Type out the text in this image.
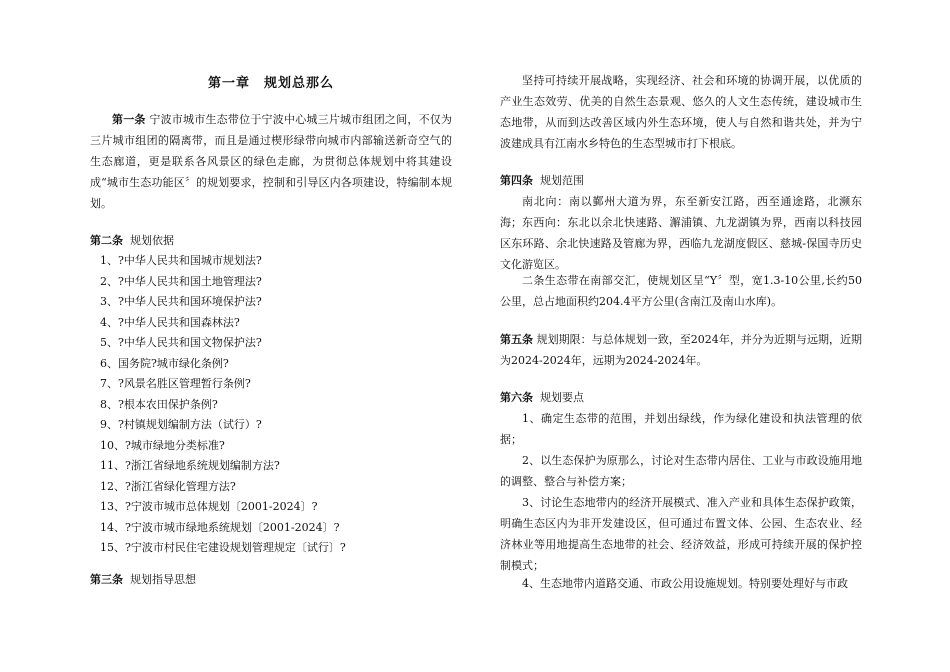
第一章　规划总那么
第一条 宁波市城市生态带位于宁波中心城三片城市组团之间，不仅为三片城市组团的隔离带，而且是通过楔形绿带向城市内部输送新奇空气的生态廊道，更是联系各风景区的绿色走廊，为贯彻总体规划中将其建设成“城市生态功能区〞的规划要求，控制和引导区内各项建设，特编制本规划。
第二条 规划依据
1、?中华人民共和国城市规划法?
2、?中华人民共和国土地管理法?
3、?中华人民共和国环境保护法?
4、?中华人民共和国森林法?
5、?中华人民共和国文物保护法?
6、国务院?城市绿化条例?
7、?风景名胜区管理暂行条例?
8、?根本农田保护条例?
9、?村镇规划编制方法（试行）?
10、?城市绿地分类标准?
11、?浙江省绿地系统规划编制方法?
12、?浙江省绿化管理方法?
13、?宁波市城市总体规划〔2001-2024〕?
14、?宁波市城市绿地系统规划〔2001-2024〕?
15、?宁波市村民住宅建设规划管理规定〔试行〕?
第三条 规划指导思想
坚持可持续开展战略，实现经济、社会和环境的协调开展，以优质的产业生态效劳、优美的自然生态景观、悠久的人文生态传统，建设城市生态地带，从而到达改善区域内外生态环境，使人与自然和谐共处，并为宁波建成具有江南水乡特色的生态型城市打下根底。
第四条 规划范围
南北向：南以鄞州大道为界，东至新安江路，西至通途路，北濒东海； 东西向：东北以余北快速路、澥浦镇、九龙湖镇为界，西南以科技园区东环路、余北快速路及管廊为界，西临九龙湖度假区、慈城-保国寺历史文化游览区。
二条生态带在南部交汇，使规划区呈“Y〞型，宽1.3-10公里,长约50公里，总占地面积约204.4平方公里(含南江及南山水库)。
第五条 规划期限：与总体规划一致，至2024年，并分为近期与远期，近期为2024-2024年，远期为2024-2024年。
第六条 规划要点
1、确定生态带的范围，并划出绿线，作为绿化建设和执法管理的依据；
2、以生态保护为原那么，讨论对生态带内居住、工业与市政设施用地的调整、整合与补偿方案；
3、讨论生态地带内的经济开展模式、准入产业和具体生态保护政策，明确生态区内为非开发建设区，但可通过布置文体、公园、生态农业、经济林业等用地提高生态地带的社会、经济效益，形成可持续开展的保护控制模式；
4、生态地带内道路交通、市政公用设施规划。特别要处理好与市政
